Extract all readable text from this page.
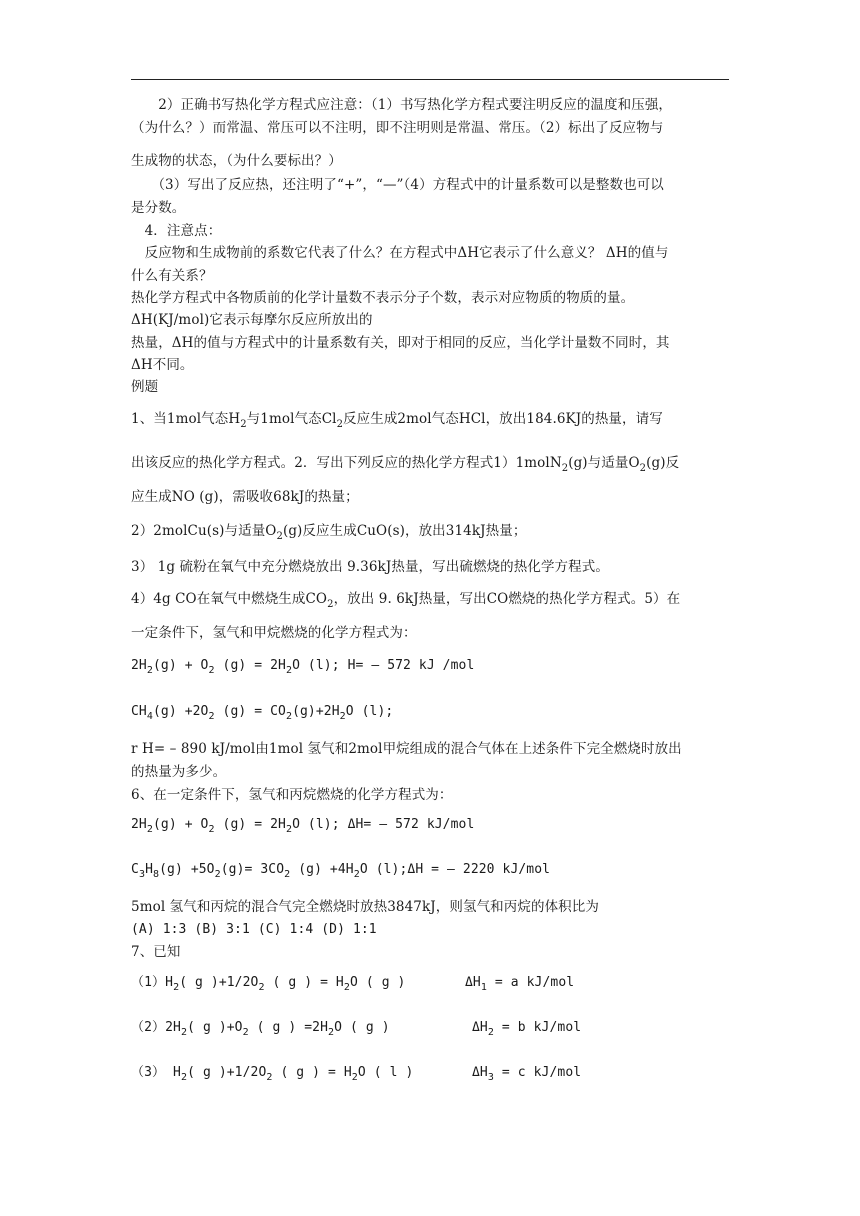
　　2）正确书写热化学方程式应注意：（1）书写热化学方程式要注明反应的温度和压强，
（为什么？）而常温、常压可以不注明，即不注明则是常温、常压。（2）标出了反应物与
生成物的状态，（为什么要标出？）
　　（3）写出了反应热，还注明了“+”，“—”（4）方程式中的计量系数可以是整数也可以
是分数。
　4．注意点：
　反应物和生成物前的系数它代表了什么？在方程式中ΔH它表示了什么意义？ ΔH的值与
什么有关系？
热化学方程式中各物质前的化学计量数不表示分子个数，表示对应物质的物质的量。
ΔH(KJ/mol)它表示每摩尔反应所放出的
热量，ΔH的值与方程式中的计量系数有关，即对于相同的反应，当化学计量数不同时，其
ΔH不同。
例题
1、当1mol气态$H_2$与1mol气态$Cl_2$反应生成2mol气态HCl，放出184.6KJ的热量，请写
出该反应的热化学方程式。2．写出下列反应的热化学方程式1）1molN$_2$(g)与适量$O_2(g)$反
应生成NO (g)，需吸收68kJ的热量；
2）2molCu(s)与适量$O_2(g)$反应生成CuO(s)，放出314kJ热量；
3） 1g 硫粉在氧气中充分燃烧放出 9.36kJ热量，写出硫燃烧的热化学方程式。
4）4g CO在氧气中燃烧生成$CO_2$，放出 9. 6kJ热量，写出CO燃烧的热化学方程式。5）在
一定条件下，氢气和甲烷燃烧的化学方程式为：
$2H_2(g) + O_2$ $(g) = 2H_2O$ (l); H= – 572 kJ /mol
$CH_4(g) +2O_2$ $(g) = CO_2(g)+2H_2O$ (l);
r H= – 890 kJ/mol由1mol 氢气和2mol甲烷组成的混合气体在上述条件下完全燃烧时放出
的热量为多少。
6、在一定条件下，氢气和丙烷燃烧的化学方程式为：
$2H_2(g) + O_2$ $(g) = 2H_2O$ (l); ΔH= – 572 kJ/mol
$C_3H_8(g) +5O_2(g)= 3CO_2$ $(g) +4H_2O$ (l);ΔH = – 2220 kJ/mol
5mol 氢气和丙烷的混合气完全燃烧时放热3847kJ，则氢气和丙烷的体积比为
(A) 1:3 (B) 3:1 (C) 1:4 (D) 1:1
7、已知
$(1)H_2$( g )$+1/2O_2$ ( g ) = $H_2O$ ( g )	$\Delta H_1 = a$ kJ/mol
$(2)2H_2$( g )$+O_2$ ( g ) $=2H_2O$ ( g )	$\Delta H_2 = b$ kJ/mol
（3） $H_2$( g )$+1/2O_2$ ( g ) = $H_2O$ ( l )	$\Delta H_3 = c$ kJ/mol
